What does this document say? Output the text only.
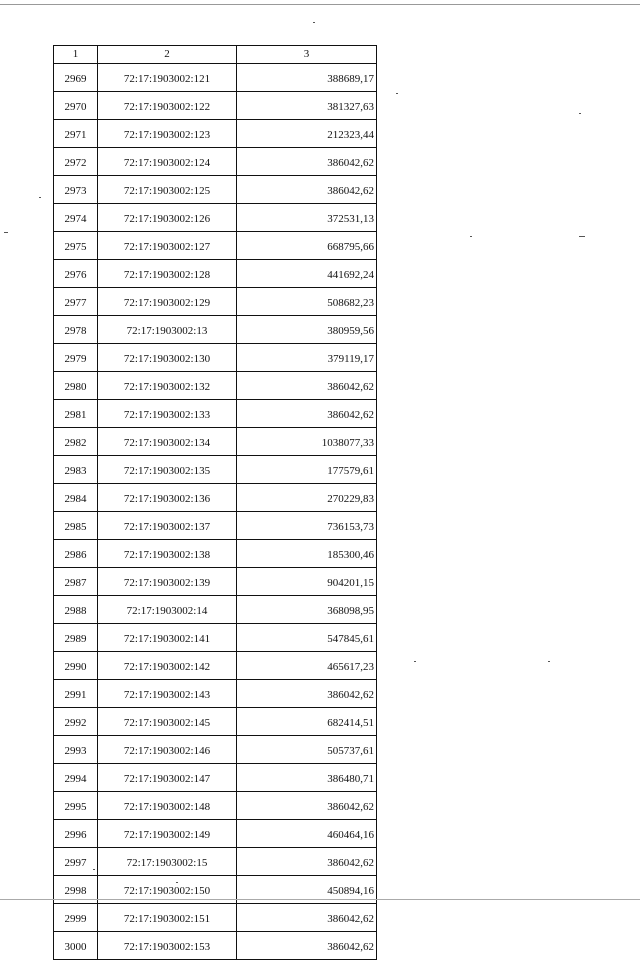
1	2	3
2969	72:17:1903002:121	388689,17
2970	72:17:1903002:122	381327,63
2971	72:17:1903002:123	212323,44
2972	72:17:1903002:124	386042,62
2973	72:17:1903002:125	386042,62
2974	72:17:1903002:126	372531,13
2975	72:17:1903002:127	668795,66
2976	72:17:1903002:128	441692,24
2977	72:17:1903002:129	508682,23
2978	72:17:1903002:13	380959,56
2979	72:17:1903002:130	379119,17
2980	72:17:1903002:132	386042,62
2981	72:17:1903002:133	386042,62
2982	72:17:1903002:134	1038077,33
2983	72:17:1903002:135	177579,61
2984	72:17:1903002:136	270229,83
2985	72:17:1903002:137	736153,73
2986	72:17:1903002:138	185300,46
2987	72:17:1903002:139	904201,15
2988	72:17:1903002:14	368098,95
2989	72:17:1903002:141	547845,61
2990	72:17:1903002:142	465617,23
2991	72:17:1903002:143	386042,62
2992	72:17:1903002:145	682414,51
2993	72:17:1903002:146	505737,61
2994	72:17:1903002:147	386480,71
2995	72:17:1903002:148	386042,62
2996	72:17:1903002:149	460464,16
2997	72:17:1903002:15	386042,62
2998	72:17:1903002:150	450894,16
2999	72:17:1903002:151	386042,62
3000	72:17:1903002:153	386042,62
